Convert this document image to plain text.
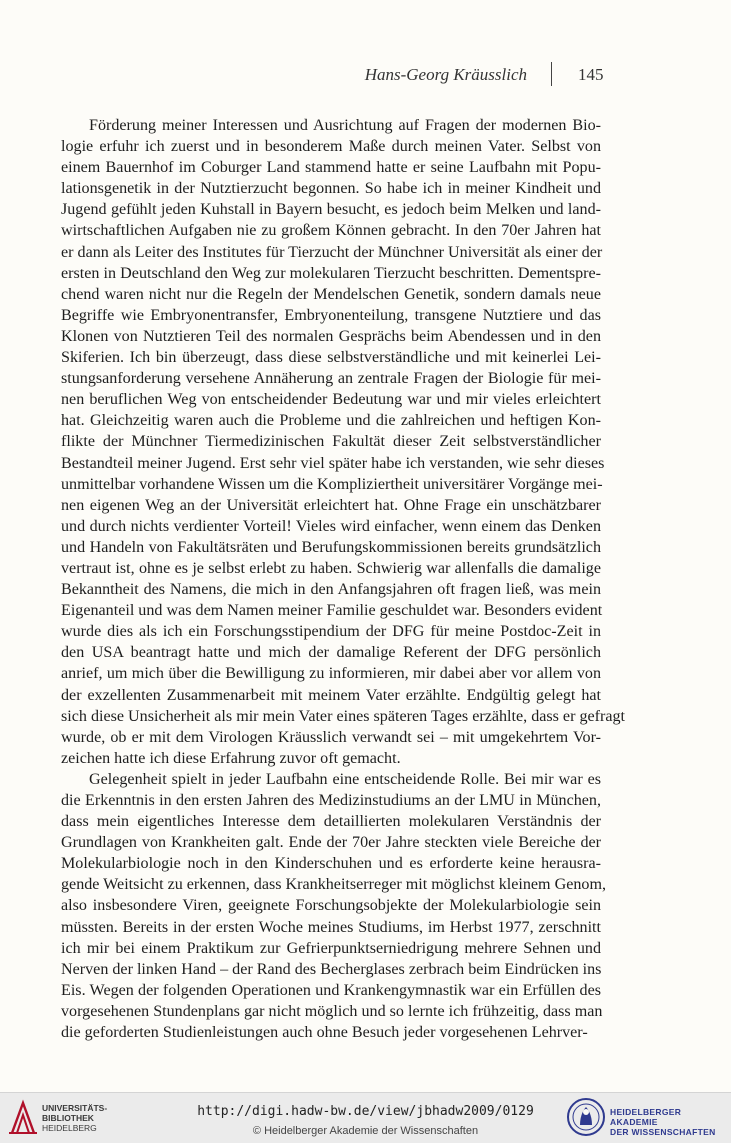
Hans-Georg Kräusslich	145

Förderung meiner Interessen und Ausrichtung auf Fragen der modernen Bio-
logie erfuhr ich zuerst und in besonderem Maße durch meinen Vater. Selbst von
einem Bauernhof im Coburger Land stammend hatte er seine Laufbahn mit Popu-
lationsgenetik in der Nutztierzucht begonnen. So habe ich in meiner Kindheit und
Jugend gefühlt jeden Kuhstall in Bayern besucht, es jedoch beim Melken und land-
wirtschaftlichen Aufgaben nie zu großem Können gebracht. In den 70er Jahren hat
er dann als Leiter des Institutes für Tierzucht der Münchner Universität als einer der
ersten in Deutschland den Weg zur molekularen Tierzucht beschritten. Dementspre-
chend waren nicht nur die Regeln der Mendelschen Genetik, sondern damals neue
Begriffe wie Embryonentransfer, Embryonenteilung, transgene Nutztiere und das
Klonen von Nutztieren Teil des normalen Gesprächs beim Abendessen und in den
Skiferien. Ich bin überzeugt, dass diese selbstverständliche und mit keinerlei Lei-
stungsanforderung versehene Annäherung an zentrale Fragen der Biologie für mei-
nen beruflichen Weg von entscheidender Bedeutung war und mir vieles erleichtert
hat. Gleichzeitig waren auch die Probleme und die zahlreichen und heftigen Kon-
flikte der Münchner Tiermedizinischen Fakultät dieser Zeit selbstverständlicher
Bestandteil meiner Jugend. Erst sehr viel später habe ich verstanden, wie sehr dieses
unmittelbar vorhandene Wissen um die Kompliziertheit universitärer Vorgänge mei-
nen eigenen Weg an der Universität erleichtert hat. Ohne Frage ein unschätzbarer
und durch nichts verdienter Vorteil! Vieles wird einfacher, wenn einem das Denken
und Handeln von Fakultätsräten und Berufungskommissionen bereits grundsätzlich
vertraut ist, ohne es je selbst erlebt zu haben. Schwierig war allenfalls die damalige
Bekanntheit des Namens, die mich in den Anfangsjahren oft fragen ließ, was mein
Eigenanteil und was dem Namen meiner Familie geschuldet war. Besonders evident
wurde dies als ich ein Forschungsstipendium der DFG für meine Postdoc-Zeit in
den USA beantragt hatte und mich der damalige Referent der DFG persönlich
anrief, um mich über die Bewilligung zu informieren, mir dabei aber vor allem von
der exzellenten Zusammenarbeit mit meinem Vater erzählte. Endgültig gelegt hat
sich diese Unsicherheit als mir mein Vater eines späteren Tages erzählte, dass er gefragt
wurde, ob er mit dem Virologen Kräusslich verwandt sei – mit umgekehrtem Vor-
zeichen hatte ich diese Erfahrung zuvor oft gemacht.

Gelegenheit spielt in jeder Laufbahn eine entscheidende Rolle. Bei mir war es
die Erkenntnis in den ersten Jahren des Medizinstudiums an der LMU in München,
dass mein eigentliches Interesse dem detaillierten molekularen Verständnis der
Grundlagen von Krankheiten galt. Ende der 70er Jahre steckten viele Bereiche der
Molekularbiologie noch in den Kinderschuhen und es erforderte keine herausra-
gende Weitsicht zu erkennen, dass Krankheitserreger mit möglichst kleinem Genom,
also insbesondere Viren, geeignete Forschungsobjekte der Molekularbiologie sein
müssten. Bereits in der ersten Woche meines Studiums, im Herbst 1977, zerschnitt
ich mir bei einem Praktikum zur Gefrierpunktserniedrigung mehrere Sehnen und
Nerven der linken Hand – der Rand des Becherglases zerbrach beim Eindrücken ins
Eis. Wegen der folgenden Operationen und Krankengymnastik war ein Erfüllen des
vorgesehenen Stundenplans gar nicht möglich und so lernte ich frühzeitig, dass man
die geforderten Studienleistungen auch ohne Besuch jeder vorgesehenen Lehrver-

UNIVERSITÄTS-
BIBLIOTHEK
HEIDELBERG
http://digi.hadw-bw.de/view/jbhadw2009/0129
© Heidelberger Akademie der Wissenschaften
HEIDELBERGER AKADEMIE
DER WISSENSCHAFTEN
